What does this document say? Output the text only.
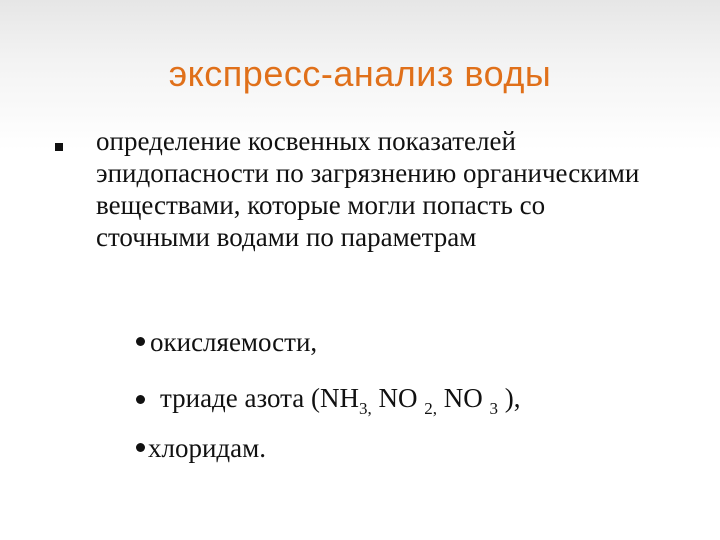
экспресс-анализ воды
определение косвенных показателей эпидопасности по загрязнению органическими веществами, которые могли попасть со сточными водами по параметрам
окисляемости,
триаде азота ($NH_{3,}$ NO $_{2,}$ NO $_3$ ),
хлоридам.
